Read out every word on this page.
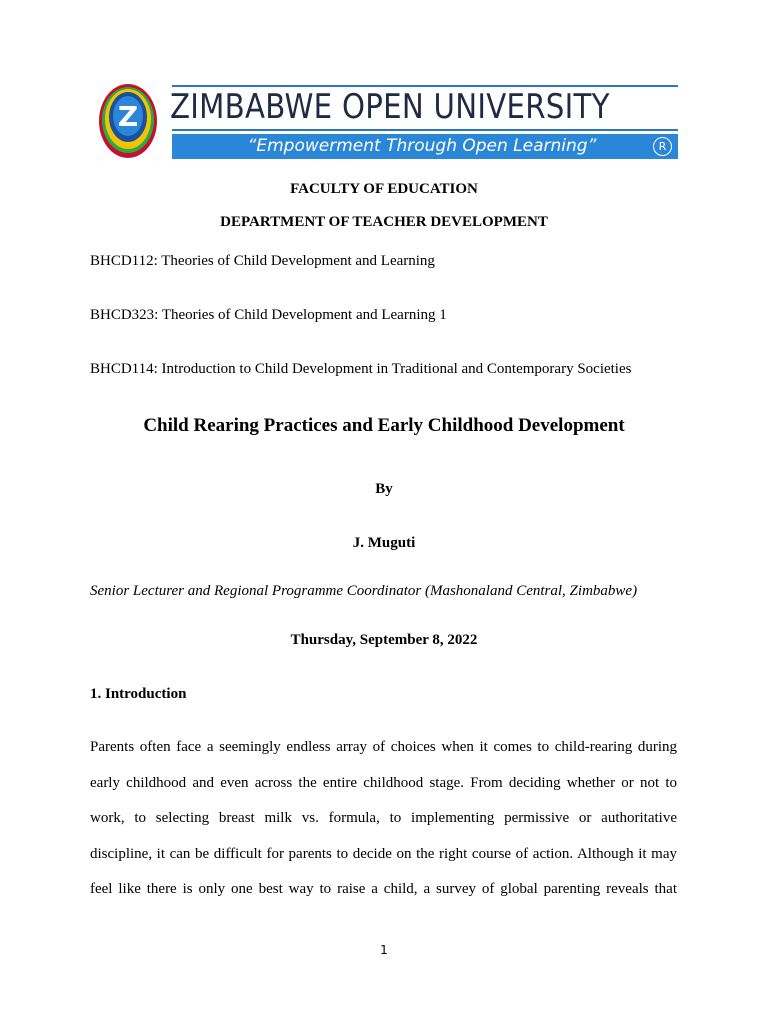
Z ZIMBABWE OPEN UNIVERSITY
“Empowerment Through Open Learning”	R
FACULTY OF EDUCATION
DEPARTMENT OF TEACHER DEVELOPMENT
BHCD112: Theories of Child Development and Learning
BHCD323: Theories of Child Development and Learning 1
BHCD114: Introduction to Child Development in Traditional and Contemporary Societies
Child Rearing Practices and Early Childhood Development
By
J. Muguti
Senior Lecturer and Regional Programme Coordinator (Mashonaland Central, Zimbabwe)
Thursday, September 8, 2022
1. Introduction
Parents often face a seemingly endless array of choices when it comes to child-rearing during
early childhood and even across the entire childhood stage. From deciding whether or not to
work, to selecting breast milk vs. formula, to implementing permissive or authoritative
discipline, it can be difficult for parents to decide on the right course of action. Although it may
feel like there is only one best way to raise a child, a survey of global parenting reveals that
1
